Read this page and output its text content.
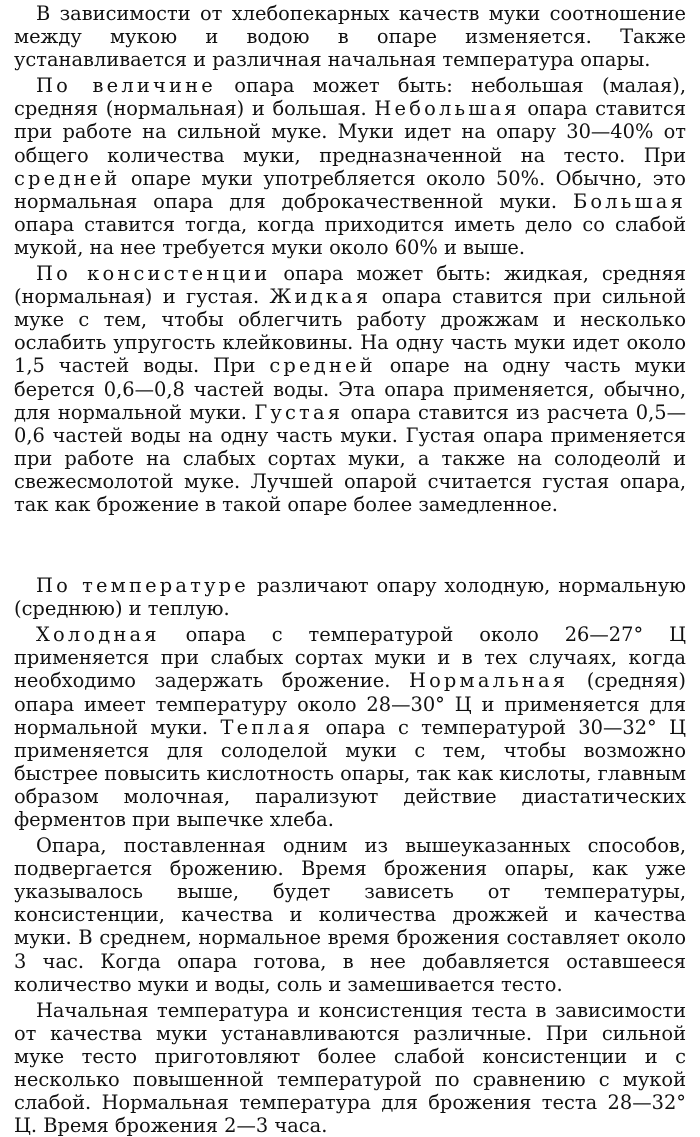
В зависимости от хлебопекарных качеств муки соотношение между мукою и водою в опаре изменяется. Также устанавливается и различная начальная температура опары.

По величине опара может быть: небольшая (малая), средняя (нормальная) и большая. Небольшая опара ставится при работе на сильной муке. Муки идет на опару 30—40% от общего количества муки, предназначенной на тесто. При средней опаре муки употребляется около 50%. Обычно, это нормальная опара для доброкачественной муки. Большая опара ставится тогда, когда приходится иметь дело со слабой мукой, на нее требуется муки около 60% и выше.

По консистенции опара может быть: жидкая, средняя (нормальная) и густая. Жидкая опара ставится при сильной муке с тем, чтобы облегчить работу дрожжам и несколько ослабить упругость клейковины. На одну часть муки идет около 1,5 частей воды. При средней опаре на одну часть муки берется 0,6—0,8 частей воды. Эта опара применяется, обычно, для нормальной муки. Густая опара ставится из расчета 0,5—0,6 частей воды на одну часть муки. Густая опара применяется при работе на слабых сортах муки, а также на солодеолй и свежесмолотой муке. Лучшей опарой считается густая опара, так как брожение в такой опаре более замедленное.

По температуре различают опару холодную, нормальную (среднюю) и теплую.

Холодная опара с температурой около 26—27° Ц применяется при слабых сортах муки и в тех случаях, когда необходимо задержать брожение. Нормальная (средняя) опара имеет температуру около 28—30° Ц и применяется для нормальной муки. Теплая опара с температурой 30—32° Ц применяется для солоделой муки с тем, чтобы возможно быстрее повысить кислотность опары, так как кислоты, главным образом молочная, парализуют действие диастатических ферментов при выпечке хлеба.

Опара, поставленная одним из вышеуказанных способов, подвергается брожению. Время брожения опары, как уже указывалось выше, будет зависеть от температуры, консистенции, качества и количества дрожжей и качества муки. В среднем, нормальное время брожения составляет около 3 час. Когда опара готова, в нее добавляется оставшееся количество муки и воды, соль и замешивается тесто.

Начальная температура и консистенция теста в зависимости от качества муки устанавливаются различные. При сильной муке тесто приготовляют более слабой консистенции и с несколько повышенной температурой по сравнению с мукой слабой. Нормальная температура для брожения теста 28—32° Ц. Время брожения 2—3 часа.
